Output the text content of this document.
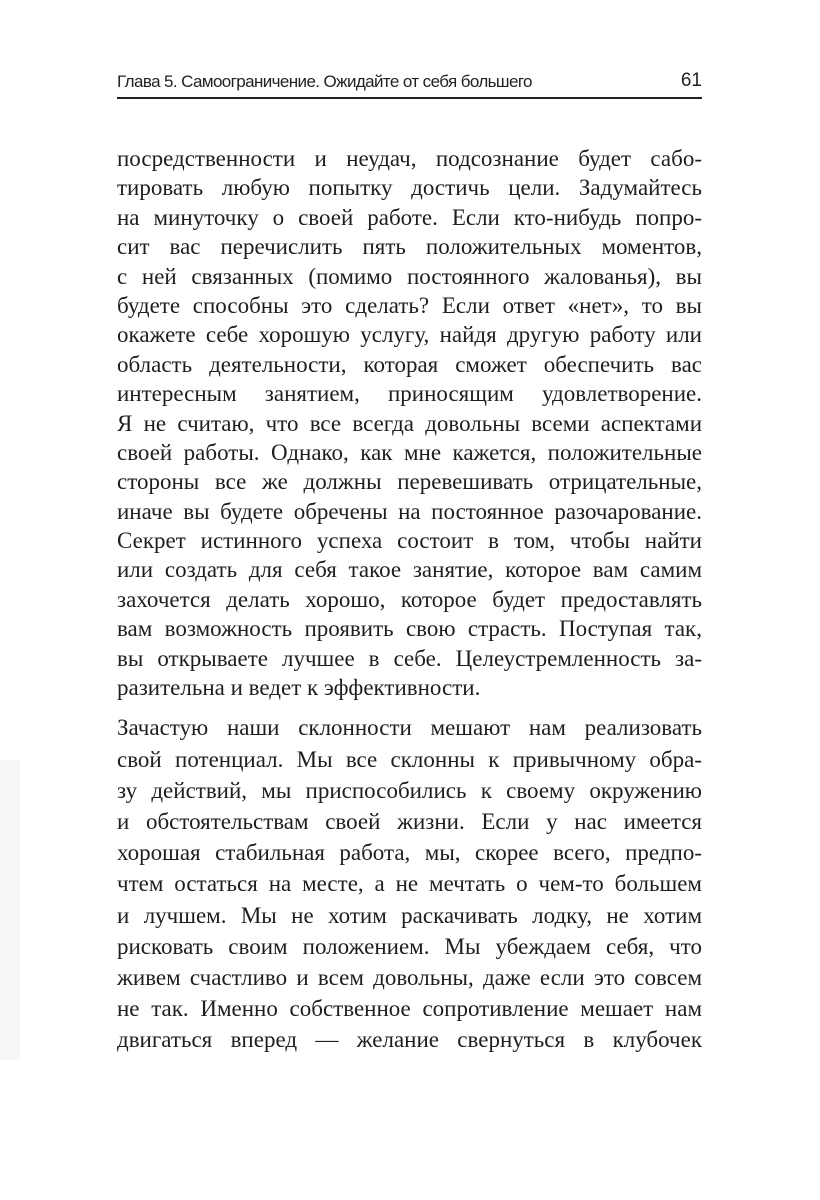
Глава 5. Самоограничение. Ожидайте от себя большего	61
посредственности и неудач, подсознание будет сабо-
тировать любую попытку достичь цели. Задумайтесь
на минуточку о своей работе. Если кто-нибудь попро-
сит вас перечислить пять положительных моментов,
с ней связанных (помимо постоянного жалованья), вы
будете способны это сделать? Если ответ «нет», то вы
окажете себе хорошую услугу, найдя другую работу или
область деятельности, которая сможет обеспечить вас
интересным занятием, приносящим удовлетворение.
Я не считаю, что все всегда довольны всеми аспектами
своей работы. Однако, как мне кажется, положительные
стороны все же должны перевешивать отрицательные,
иначе вы будете обречены на постоянное разочарование.
Секрет истинного успеха состоит в том, чтобы найти
или создать для себя такое занятие, которое вам самим
захочется делать хорошо, которое будет предоставлять
вам возможность проявить свою страсть. Поступая так,
вы открываете лучшее в себе. Целеустремленность за-
разительна и ведет к эффективности.
Зачастую наши склонности мешают нам реализовать
свой потенциал. Мы все склонны к привычному обра-
зу действий, мы приспособились к своему окружению
и обстоятельствам своей жизни. Если у нас имеется
хорошая стабильная работа, мы, скорее всего, предпо-
чтем остаться на месте, а не мечтать о чем-то большем
и лучшем. Мы не хотим раскачивать лодку, не хотим
рисковать своим положением. Мы убеждаем себя, что
живем счастливо и всем довольны, даже если это совсем
не так. Именно собственное сопротивление мешает нам
двигаться вперед — желание свернуться в клубочек
